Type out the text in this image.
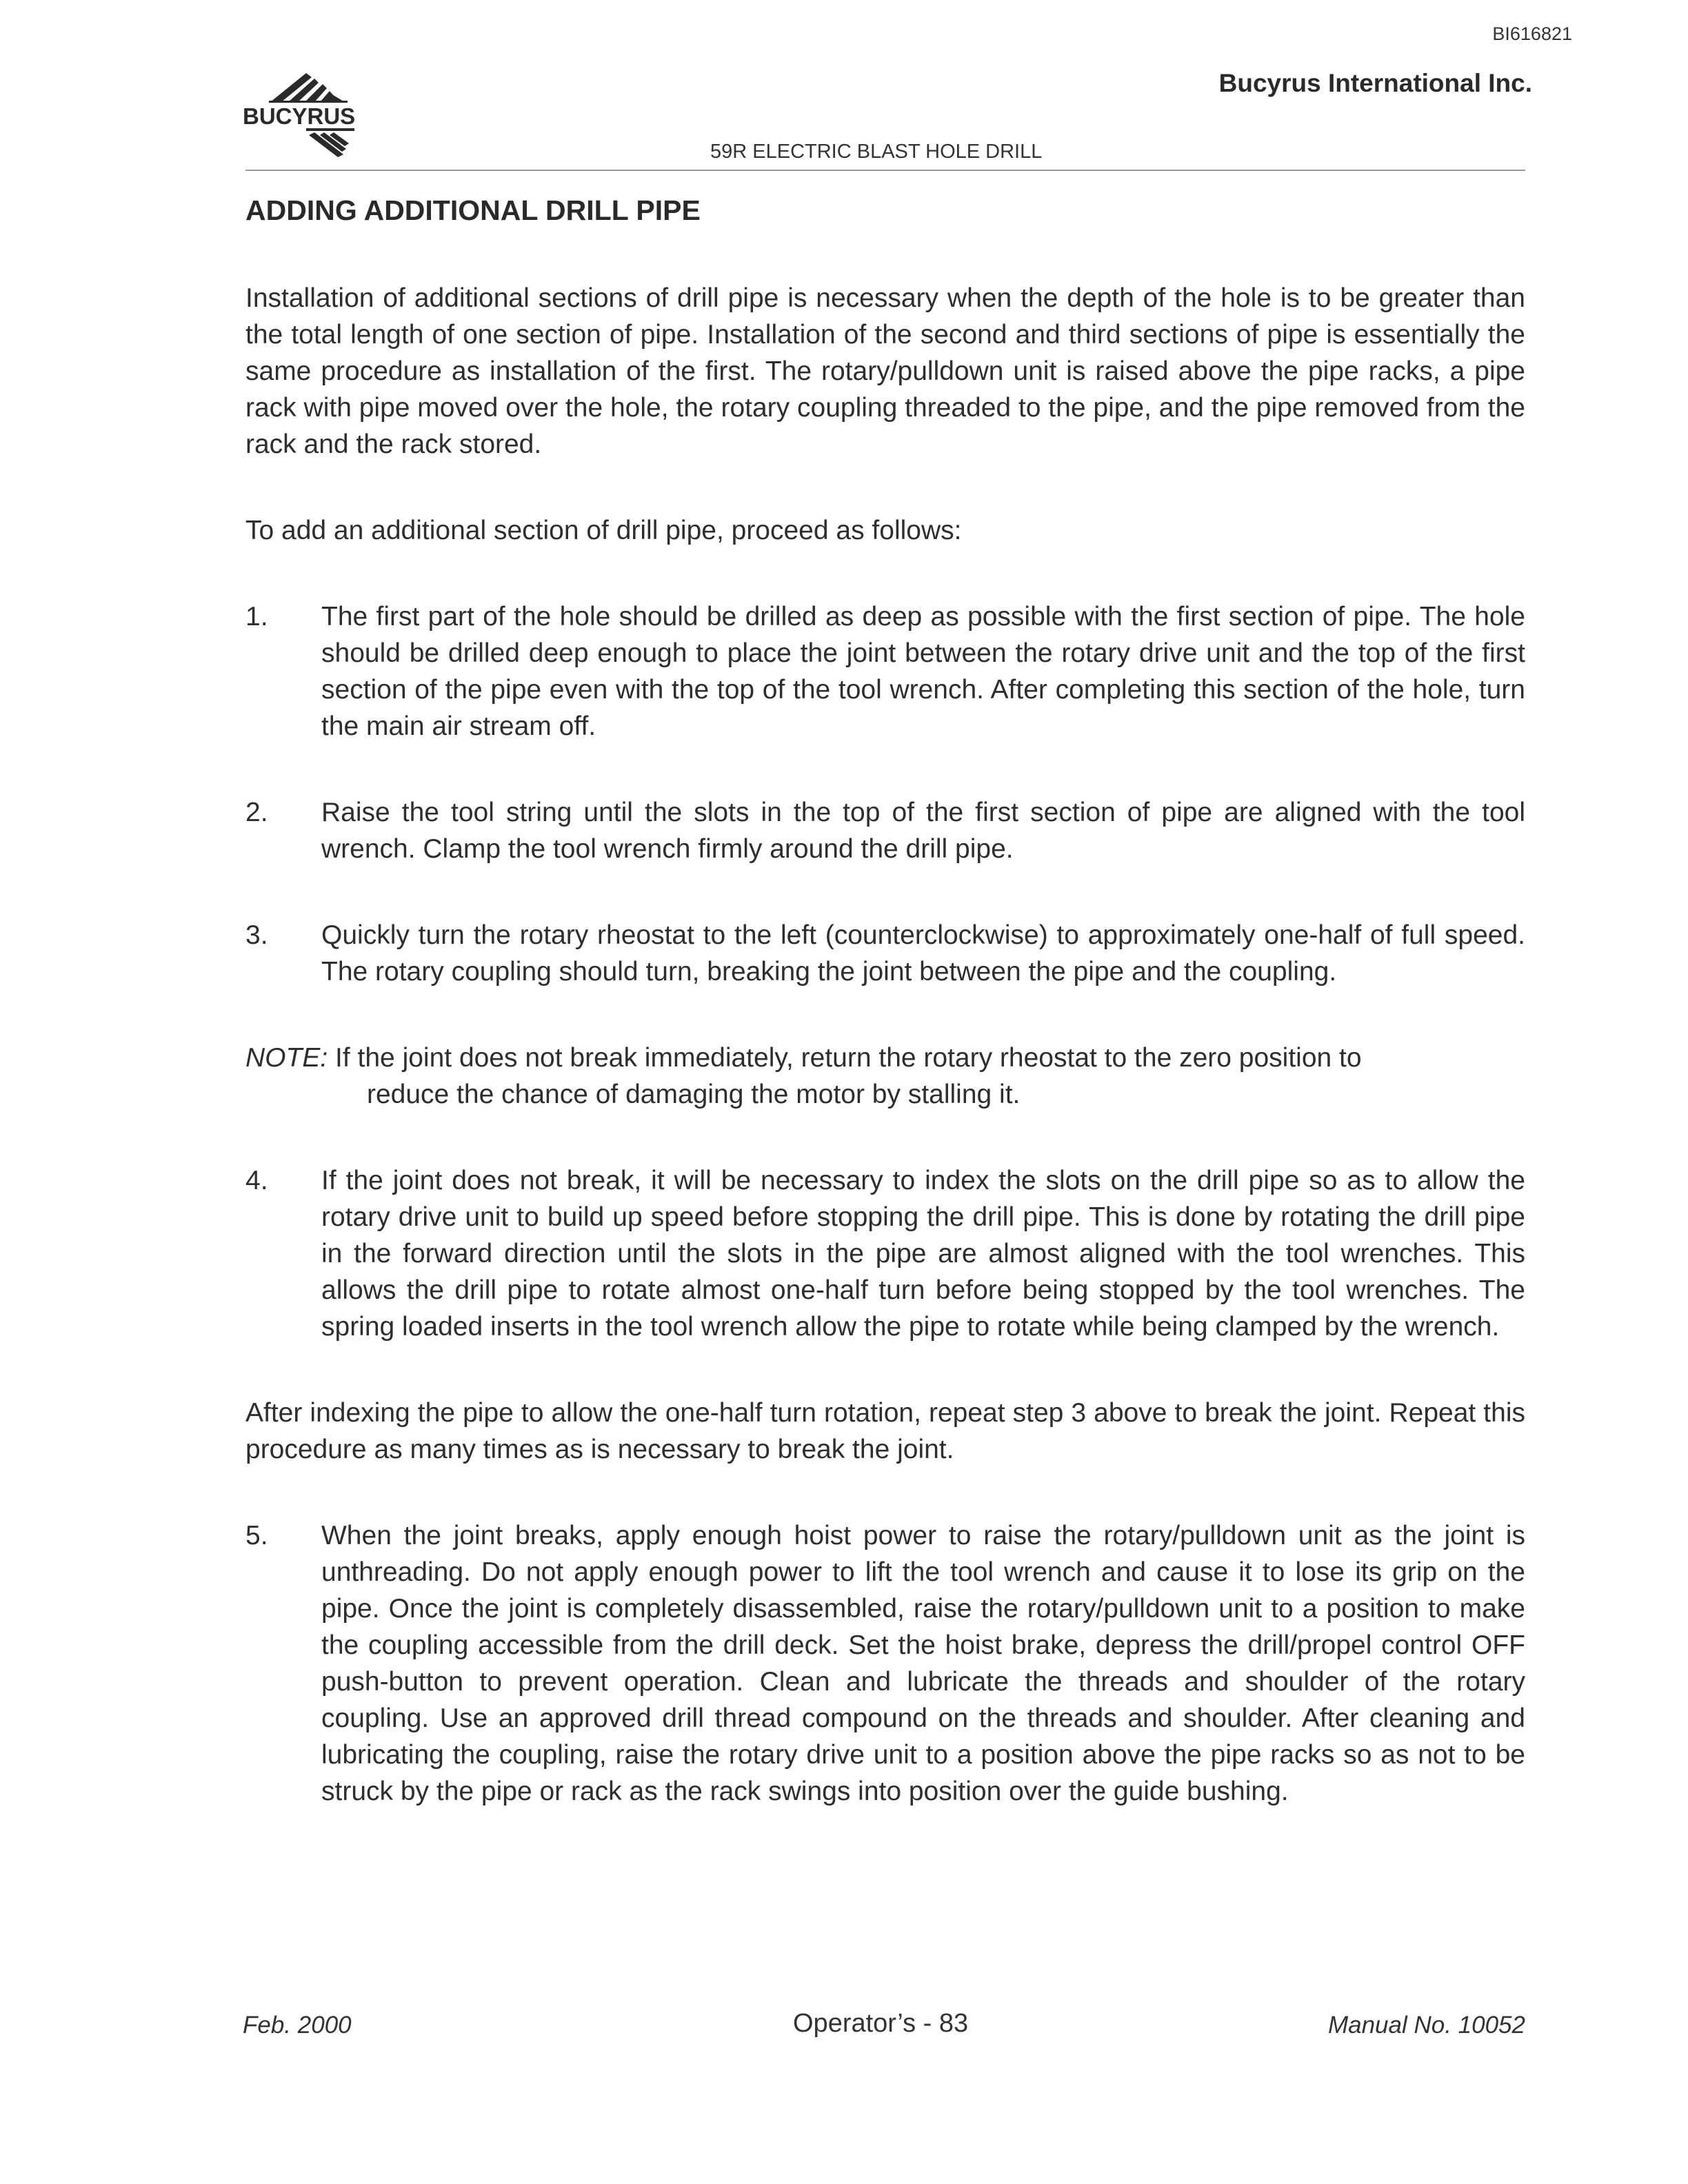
BI616821
Bucyrus International Inc.
BUCYRUS
59R ELECTRIC BLAST HOLE DRILL
ADDING ADDITIONAL DRILL PIPE

Installation of additional sections of drill pipe is necessary when the depth of the hole is to be greater than the total length of one section of pipe. Installation of the second and third sections of pipe is essentially the same procedure as installation of the first. The rotary/pulldown unit is raised above the pipe racks, a pipe rack with pipe moved over the hole, the rotary coupling threaded to the pipe, and the pipe removed from the rack and the rack stored.

To add an additional section of drill pipe, proceed as follows:

1.	The first part of the hole should be drilled as deep as possible with the first section of pipe. The hole should be drilled deep enough to place the joint between the rotary drive unit and the top of the first section of the pipe even with the top of the tool wrench. After completing this section of the hole, turn the main air stream off.
2.	Raise the tool string until the slots in the top of the first section of pipe are aligned with the tool wrench. Clamp the tool wrench firmly around the drill pipe.
3.	Quickly turn the rotary rheostat to the left (counterclockwise) to approximately one-half of full speed. The rotary coupling should turn, breaking the joint between the pipe and the coupling.
NOTE: If the joint does not break immediately, return the rotary rheostat to the zero position to
reduce the chance of damaging the motor by stalling it.
4.	If the joint does not break, it will be necessary to index the slots on the drill pipe so as to allow the rotary drive unit to build up speed before stopping the drill pipe. This is done by rotating the drill pipe in the forward direction until the slots in the pipe are almost aligned with the tool wrenches. This allows the drill pipe to rotate almost one-half turn before being stopped by the tool wrenches. The spring loaded inserts in the tool wrench allow the pipe to rotate while being clamped by the wrench.

After indexing the pipe to allow the one-half turn rotation, repeat step 3 above to break the joint. Repeat this procedure as many times as is necessary to break the joint.

5.	When the joint breaks, apply enough hoist power to raise the rotary/pulldown unit as the joint is unthreading. Do not apply enough power to lift the tool wrench and cause it to lose its grip on the pipe. Once the joint is completely disassembled, raise the rotary/pulldown unit to a position to make the coupling accessible from the drill deck. Set the hoist brake, depress the drill/propel control OFF push-button to prevent operation. Clean and lubricate the threads and shoulder of the rotary coupling. Use an approved drill thread compound on the threads and shoulder. After cleaning and lubricating the coupling, raise the rotary drive unit to a position above the pipe racks so as not to be struck by the pipe or rack as the rack swings into position over the guide bushing.
Feb. 2000	Operator’s - 83	Manual No. 10052
